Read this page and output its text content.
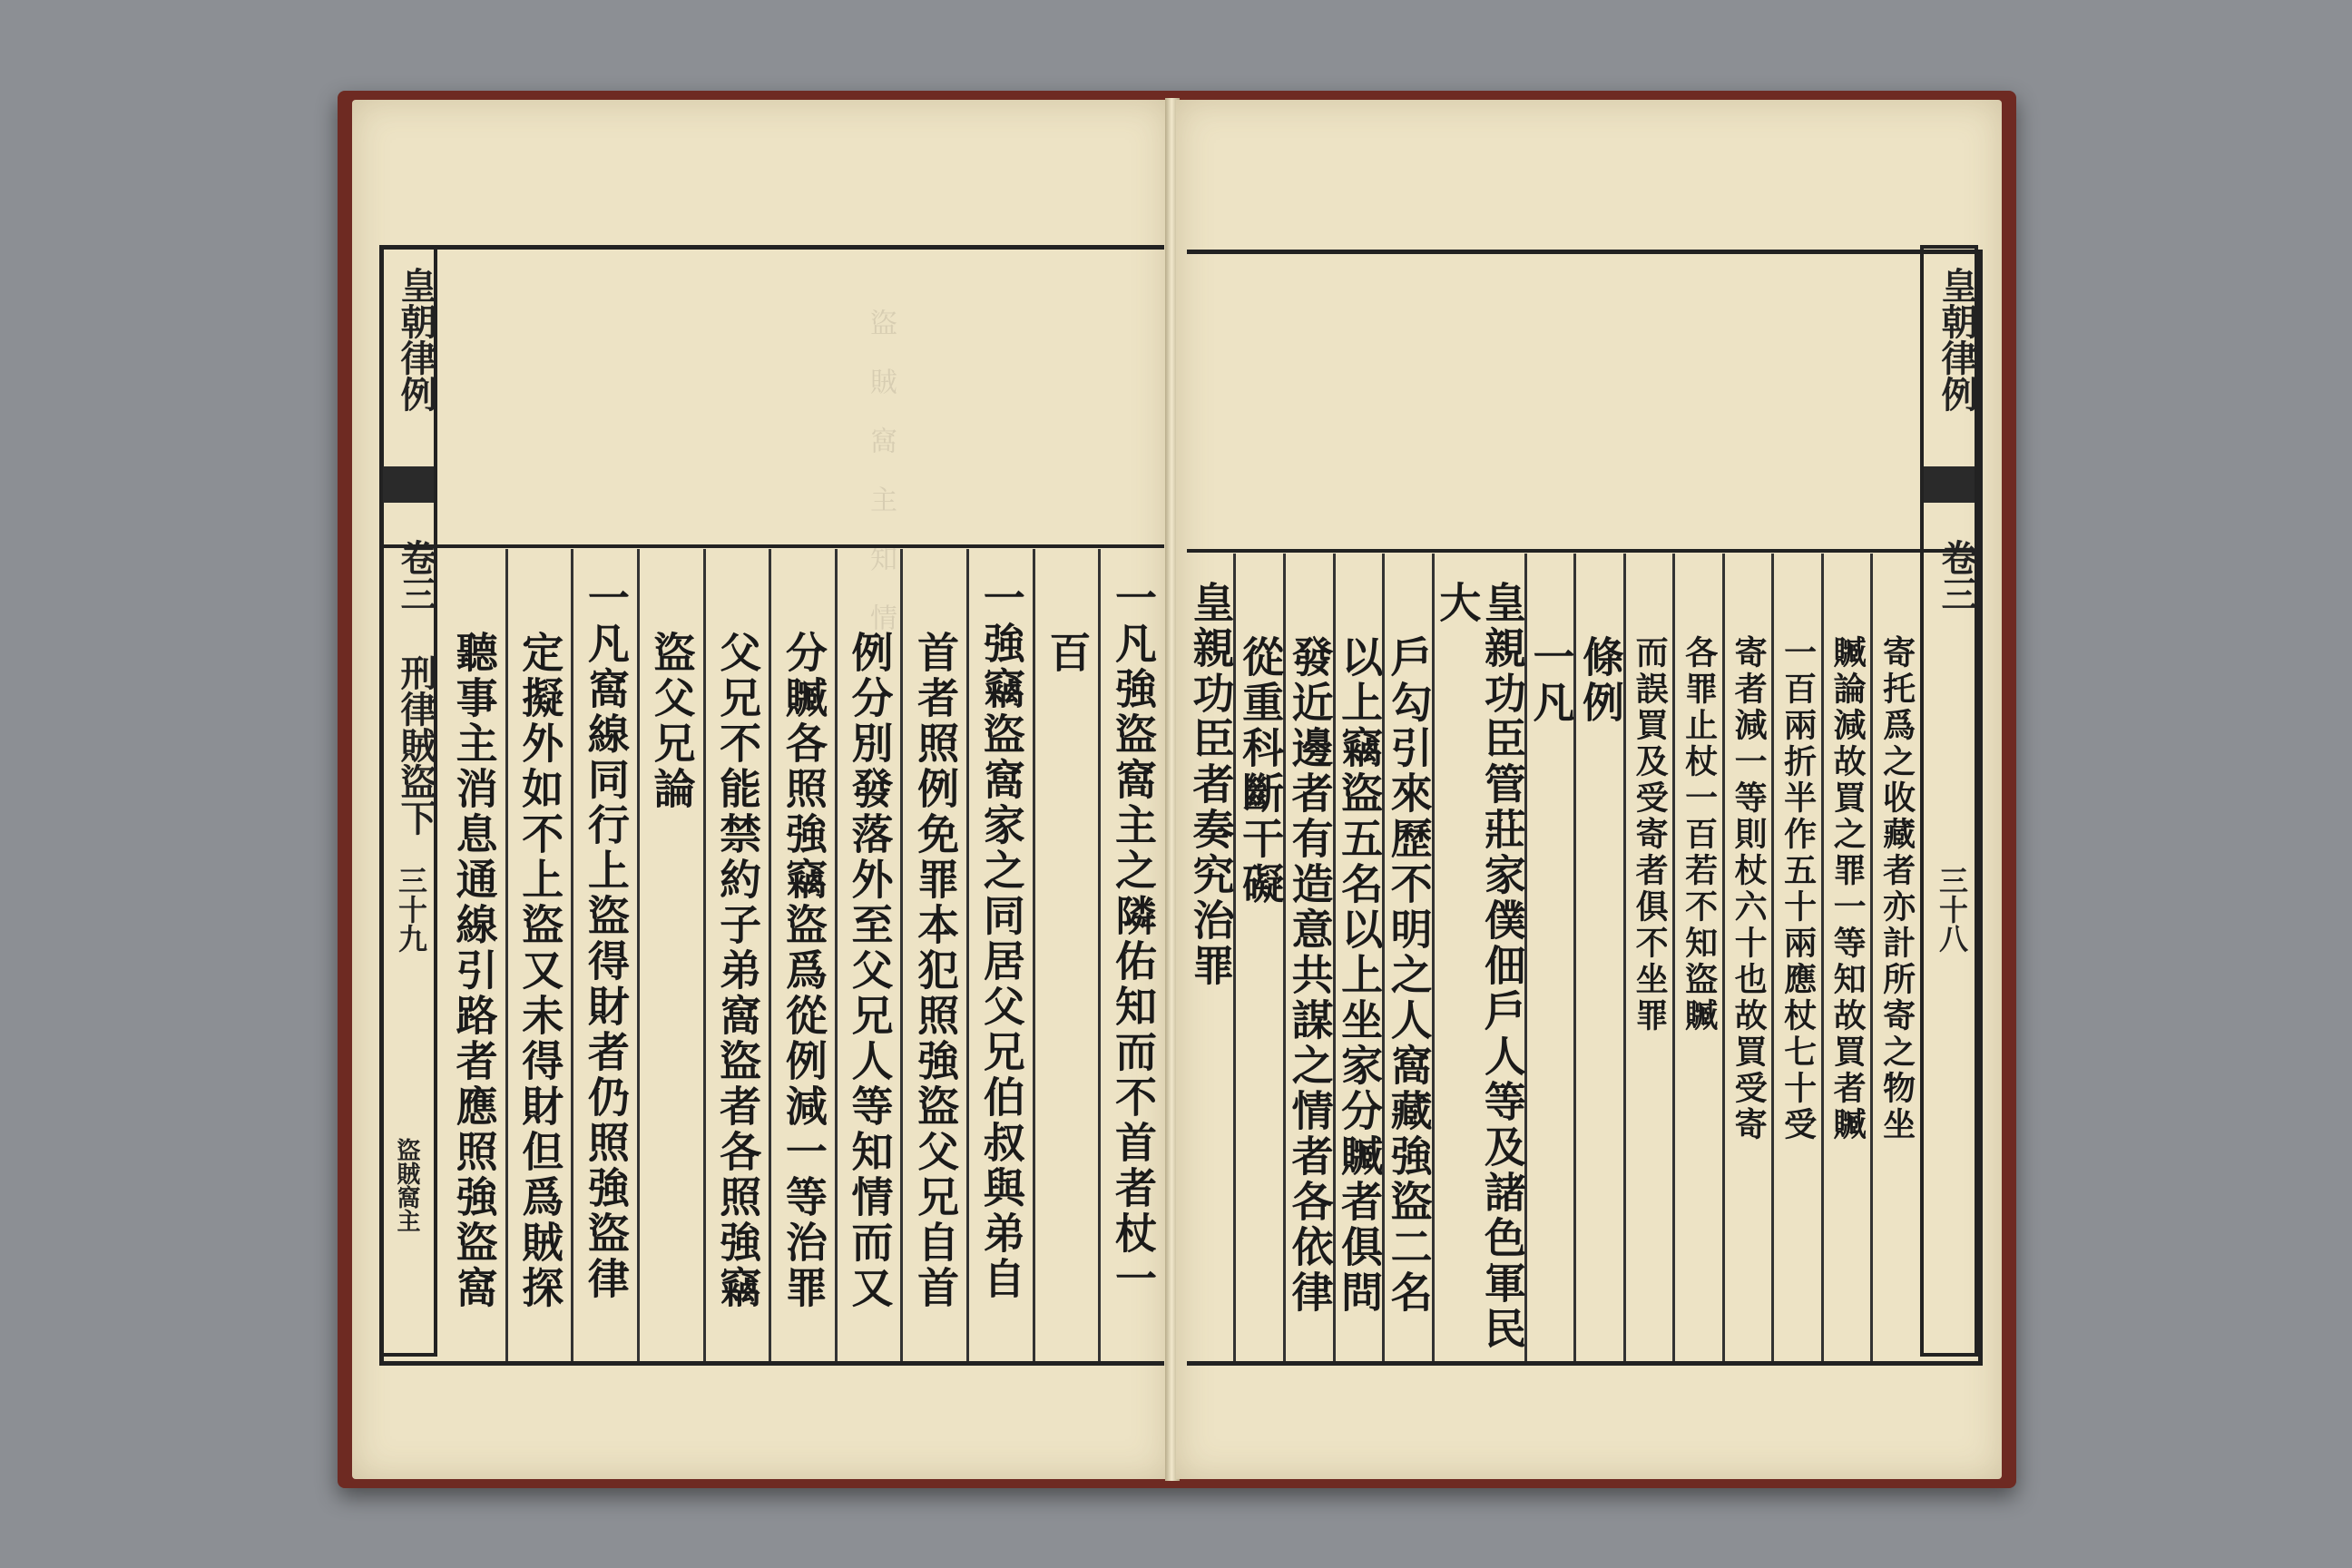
盜 賊 窩 主 知 情
一凡強盜窩主之隣佑知而不首者杖一
百
一強竊盜窩家之同居父兄伯叔與弟自
首者照例免罪本犯照強盜父兄自首
例分別發落外至父兄人等知情而又
分贓各照強竊盜爲從例減一等治罪
父兄不能禁約子弟窩盜者各照強竊
盜父兄論
一凡窩線同行上盜得財者仍照強盜律
定擬外如不上盜又未得財但爲賊探
聽事主消息通線引路者應照強盜窩
皇朝律例
卷三 刑律賊盜下
三十九
盜賊窩主
寄托爲之收藏者亦計所寄之物坐
贓論減故買之罪一等知故買者贓
一百兩折半作五十兩應杖七十受
寄者減一等則杖六十也故買受寄
各罪止杖一百若不知盜贓
而誤買及受寄者俱不坐罪
條例
一凡
皇親功臣管莊家僕佃戶人等及諸色軍民大
戶勾引來歷不明之人窩藏強盜二名
以上竊盜五名以上坐家分贓者俱問
發近邊者有造意共謀之情者各依律
從重科斷干礙
皇親功臣者奏究治罪
皇朝律例
卷三
三十八
